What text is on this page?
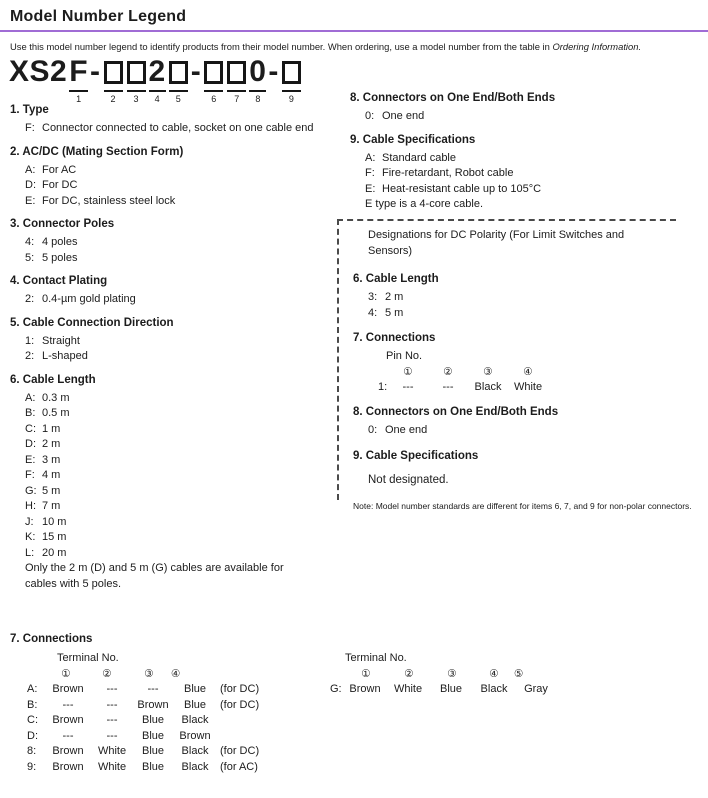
Model Number Legend

Use this model number legend to identify products from their model number. When ordering, use a model number from the table in Ordering Information.

XS2 F
1
-
2 3
2
4 5
-
6 7
0
8
-
9
1. Type
F: Connector connected to cable, socket on one cable end
2. AC/DC (Mating Section Form)
A: For AC
D: For DC
E: For DC, stainless steel lock
3. Connector Poles
4: 4 poles
5: 5 poles
4. Contact Plating
2: 0.4-µm gold plating
5. Cable Connection Direction
1: Straight
2: L-shaped
6. Cable Length
A: 0.3 m
B: 0.5 m
C: 1 m
D: 2 m
E: 3 m
F: 4 m
G: 5 m
H: 7 m
J: 10 m
K: 15 m
L: 20 m

Only the 2 m (D) and 5 m (G) cables are available for cables with 5 poles.

8. Connectors on One End/Both Ends
0: One end
9. Cable Specifications
A: Standard cable
F: Fire-retardant, Robot cable
E: Heat-resistant cable up to 105°C

E type is a 4-core cable.

Designations for DC Polarity (For Limit Switches and Sensors)

6. Cable Length
3: 2 m
4: 5 m
7. Connections

Pin No.

①	②	③	④
1:	---	---	Black	White
8. Connectors on One End/Both Ends
0: One end
9. Cable Specifications

Not designated.

Note: Model number standards are different for items 6, 7, and 9 for non-polar connectors.

7. Connections
Terminal No.
①	②	③	④
A:	Brown	---	---	Blue	(for DC)
B:	---	---	Brown	Blue	(for DC)
C:	Brown	---	Blue	Black
D:	---	---	Blue	Brown
8:	Brown	White	Blue	Black	(for DC)
9:	Brown	White	Blue	Black	(for AC)
Terminal No.
①	②	③	④	⑤
G: Brown	White	Blue	Black	Gray
